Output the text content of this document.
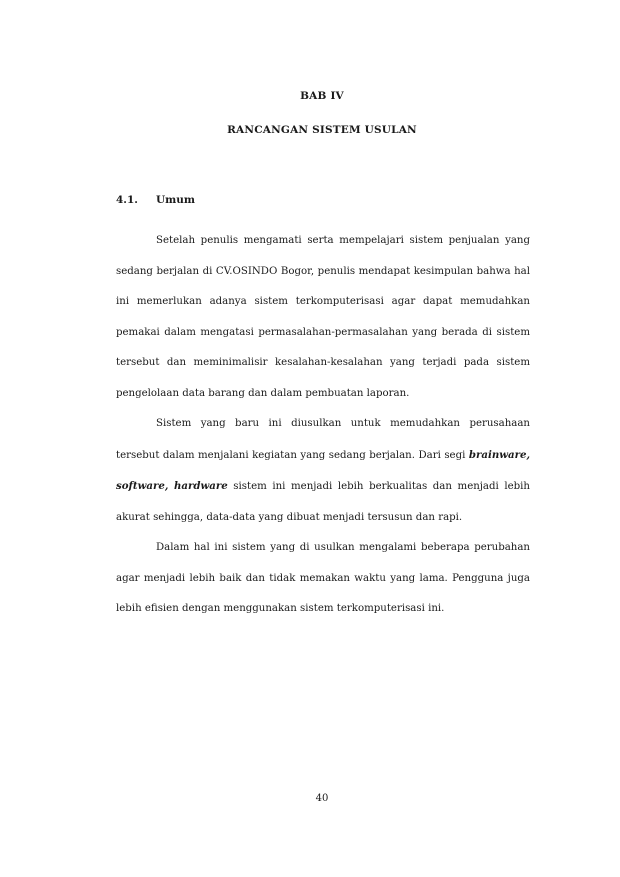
BAB IV
RANCANGAN SISTEM USULAN
4.1. Umum

Setelah penulis mengamati serta mempelajari sistem penjualan yang sedang berjalan di CV.OSINDO Bogor, penulis mendapat kesimpulan bahwa hal ini memerlukan adanya sistem terkomputerisasi agar dapat memudahkan pemakai dalam mengatasi permasalahan-permasalahan yang berada di sistem tersebut dan meminimalisir kesalahan-kesalahan yang terjadi pada sistem pengelolaan data barang dan dalam pembuatan laporan.

Sistem yang baru ini diusulkan untuk memudahkan perusahaan tersebut dalam menjalani kegiatan yang sedang berjalan. Dari segi brainware, software, hardware sistem ini menjadi lebih berkualitas dan menjadi lebih akurat sehingga, data-data yang dibuat menjadi tersusun dan rapi.

Dalam hal ini sistem yang di usulkan mengalami beberapa perubahan agar menjadi lebih baik dan tidak memakan waktu yang lama. Pengguna juga lebih efisien dengan menggunakan sistem terkomputerisasi ini.

40
